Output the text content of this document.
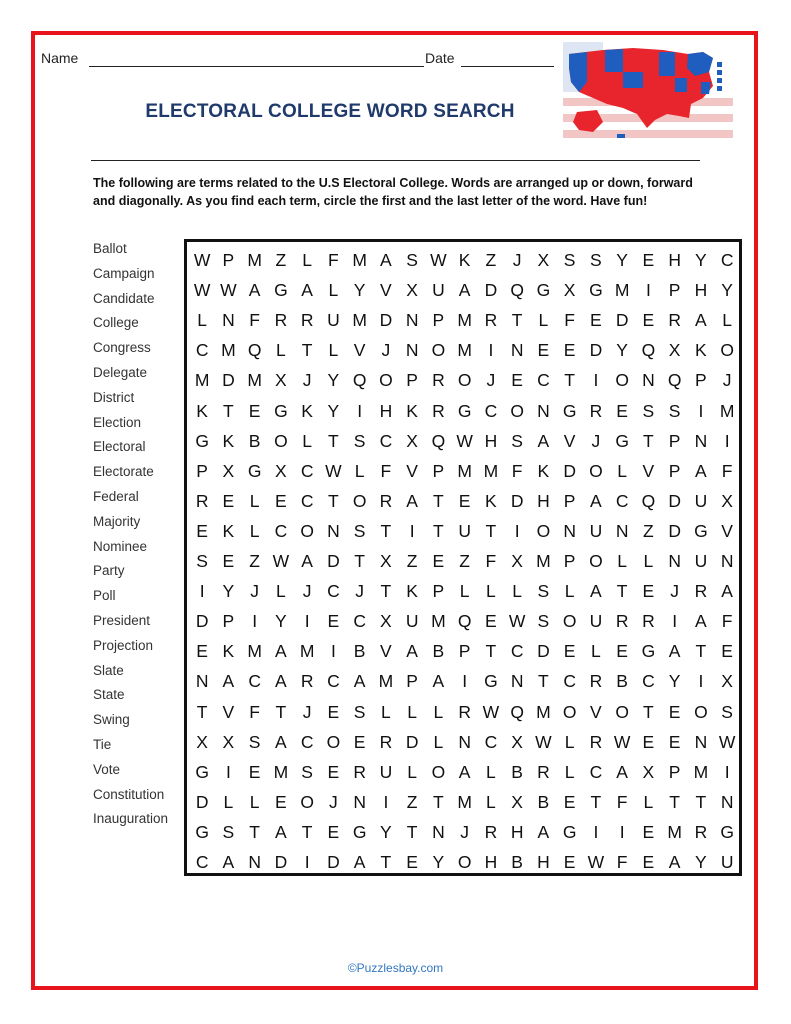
Name	Date
ELECTORAL COLLEGE WORD SEARCH
The following are terms related to the U.S Electoral College. Words are arranged up or down, forward and diagonally. As you find each term, circle the first and the last letter of the word. Have fun!
Ballot
Campaign
Candidate
College
Congress
Delegate
District
Election
Electoral
Electorate
Federal
Majority
Nominee
Party
Poll
President
Projection
Slate
State
Swing
Tie
Vote
Constitution
Inauguration
W P M Z L F M A S W K Z J X S S Y E H Y C
W W A G A L Y V X U A D Q G X G M I	P H Y
L N F R R U M D N P M R T L F E D E R A L
C M Q L T L V J N O M I	N E E D Y Q X K O
M D M X J Y Q O P R O J E C T	I O N Q P J
K T E G K Y	I	H K R G C O N G R E S S	I M
G K B O L T S C X Q W H S A V J G T P N I
P X G X C W L F V P M M F K D O L V P A F
R E L E C T O R A T E K D H P A C Q D U X
E K L C O N S T	I	T U T	I O N U N Z D G V
S E Z W A D T X Z E Z F X M P O L L N U N
I	Y J L J C J T K P L L L S L A T E J R A
D P	I	Y	I	E C X U M Q E W S O U R R I	A F
E K M A M I	B V A B P T C D E L E G A T E
N A C A R C A M P A	I G N T C R B C Y	I	X
T V F T J E S L L L R W Q M O V O T E O S
X X S A C O E R D L N C X W L R W E E N W
G I	E M S E R U L O A L B R L C A X P M I
D L L E O J N I	Z T M L X B E T F L T T N
G S T A T E G Y T N J R H A G I	I	E M R G
C A N D I	D A T E Y O H B H E W F E A Y U
©Puzzlesbay.com
